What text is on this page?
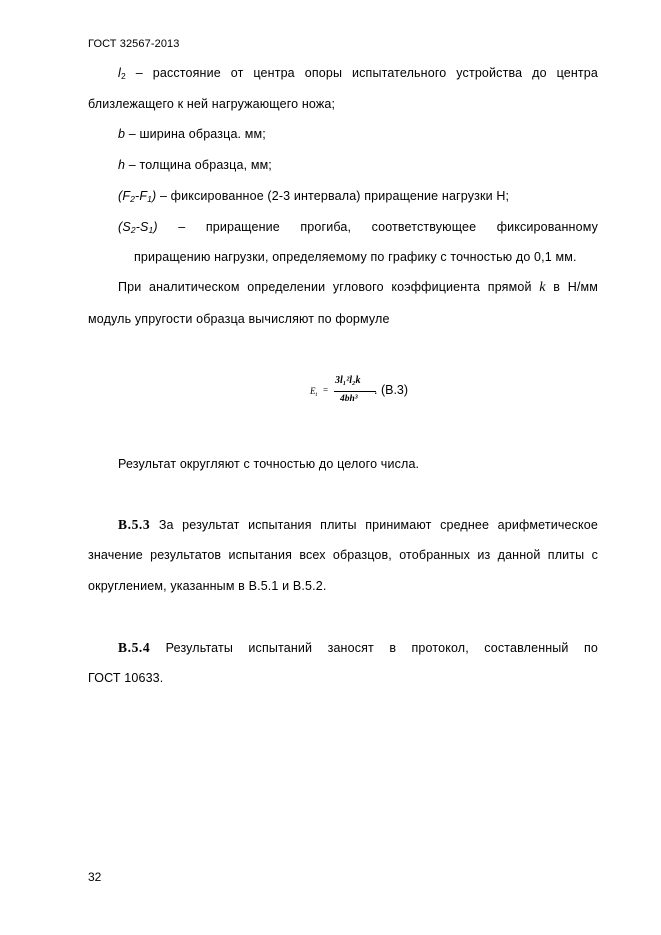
ГОСТ 32567-2013
$l_2$ – расстояние от центра опоры испытательного устройства до центра
близлежащего к ней нагружающего ножа;
b – ширина образца. мм;
h – толщина образца, мм;
$(F_2-F_1)$ – фиксированное (2-3 интервала) приращение нагрузки Н;
$(S_2-S_1)$ – приращение прогиба, соответствующее фиксированному
приращению нагрузки, определяемому по графику с точностью до 0,1 мм.
При аналитическом определении углового коэффициента прямой k в Н/мм
модуль упругости образца вычисляют по формуле
$E_t$ =
3l₁²l₂k
4bh³
. (В.3)
Результат округляют с точностью до целого числа.
В.5.3 За результат испытания плиты принимают среднее арифметическое
значение результатов испытания всех образцов, отобранных из данной плиты с
округлением, указанным в В.5.1 и В.5.2.
В.5.4 Результаты испытаний заносят в протокол, составленный по
ГОСТ 10633.
32
